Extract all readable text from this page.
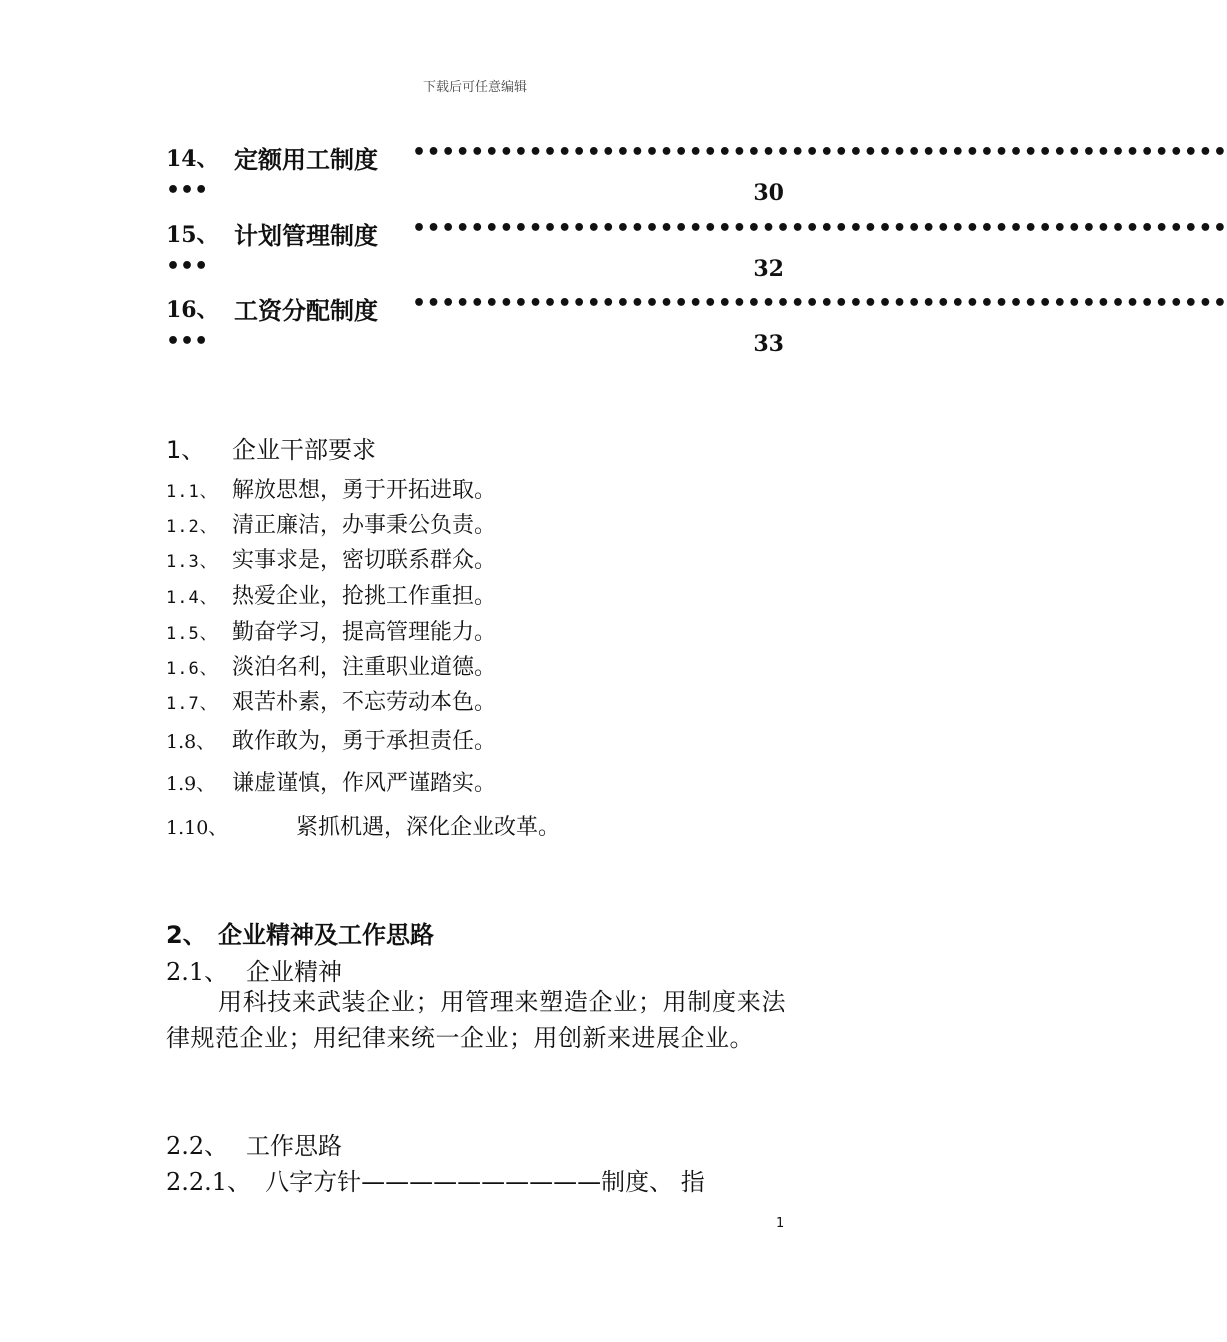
下载后可任意编辑
14、 定额用工制度 ••••••••••••••••••••••••••••••••••••••••••••••••••••••••
•••	30
15、 计划管理制度 ••••••••••••••••••••••••••••••••••••••••••••••••••••••••
•••	32
16、 工资分配制度 ••••••••••••••••••••••••••••••••••••••••••••••••••••••••
•••	33
1、 企业干部要求
1.1、 解放思想，勇于开拓进取。
1.2、 清正廉洁，办事秉公负责。
1.3、 实事求是，密切联系群众。
1.4、 热爱企业，抢挑工作重担。
1.5、 勤奋学习，提高管理能力。
1.6、 淡泊名利，注重职业道德。
1.7、 艰苦朴素，不忘劳动本色。
1.8、 敢作敢为，勇于承担责任。
1.9、 谦虚谨慎，作风严谨踏实。
1.10、	紧抓机遇，深化企业改革。
2、 企业精神及工作思路
2.1、 企业精神
用科技来武装企业；用管理来塑造企业；用制度来法律规范企业；用纪律来统一企业；用创新来进展企业。
2.2、 工作思路
2.2.1、 八字方针——————————制度、 指
1
